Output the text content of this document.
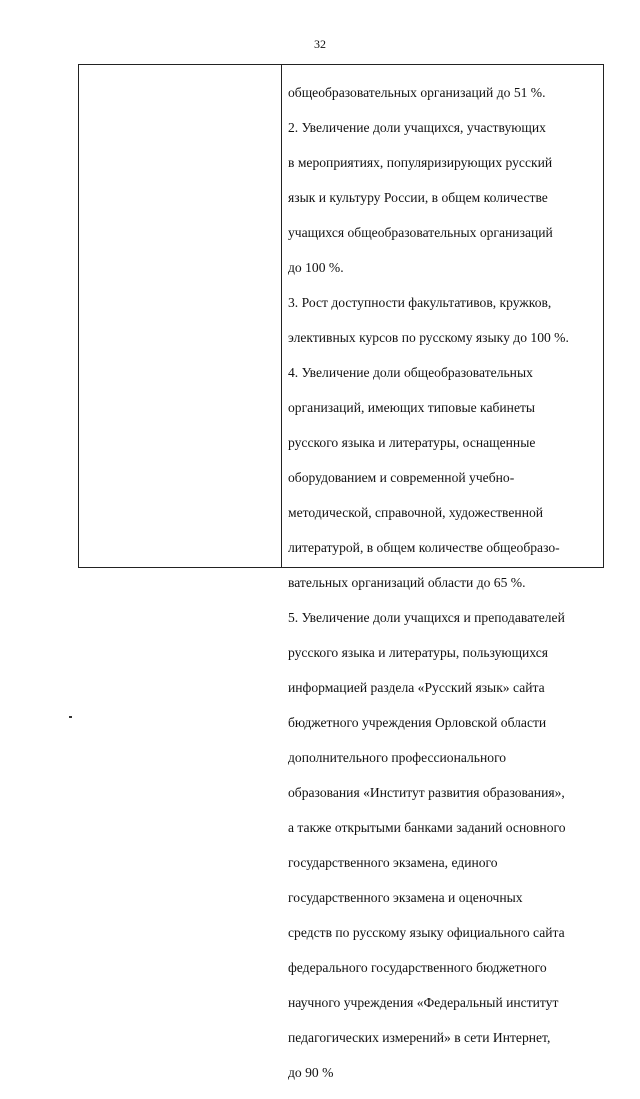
32

общеобразовательных организаций до 51 %.

2. Увеличение доли учащихся, участвующих

в мероприятиях, популяризирующих русский

язык и культуру России, в общем количестве

учащихся общеобразовательных организаций

до 100 %.

3. Рост доступности факультативов, кружков,

элективных курсов по русскому языку до 100 %.

4. Увеличение доли общеобразовательных

организаций, имеющих типовые кабинеты

русского языка и литературы, оснащенные

оборудованием и современной учебно-

методической, справочной, художественной

литературой, в общем количестве общеобразо-

вательных организаций области до 65 %.

5. Увеличение доли учащихся и преподавателей

русского языка и литературы, пользующихся

информацией раздела «Русский язык» сайта

бюджетного учреждения Орловской области

дополнительного профессионального

образования «Институт развития образования»,

а также открытыми банками заданий основного

государственного экзамена, единого

государственного экзамена и оценочных

средств по русскому языку официального сайта

федерального государственного бюджетного

научного учреждения «Федеральный институт

педагогических измерений» в сети Интернет,

до 90 %
